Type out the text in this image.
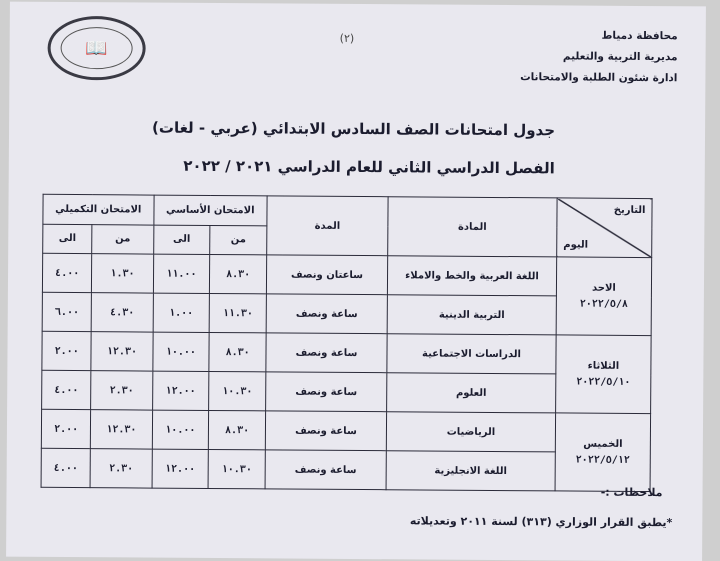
📖	(٢)	محافظة دمياط
مديرية التربية والتعليم
ادارة شئون الطلبة والامتحانات
جدول امتحانات الصف السادس الابتدائي (عربي - لغات)
الفصل الدراسي الثاني للعام الدراسي ٢٠٢١ / ٢٠٢٢
التاريخ
اليوم	المادة	المدة	الامتحان الأساسي		الامتحان التكميلي	
			من	الى	من	الى

الاحد
٢٠٢٢/٥/٨	اللغة العربية والخط والاملاء	ساعتان ونصف	٨.٣٠	١١.٠٠	١.٣٠	٤.٠٠
	التربية الدينية	ساعة ونصف	١١.٣٠	١.٠٠	٤.٣٠	٦.٠٠

الثلاثاء
٢٠٢٢/٥/١٠	الدراسات الاجتماعية	ساعة ونصف	٨.٣٠	١٠.٠٠	١٢.٣٠	٢.٠٠
	العلوم	ساعة ونصف	١٠.٣٠	١٢.٠٠	٢.٣٠	٤.٠٠

الخميس
٢٠٢٢/٥/١٢	الرياضيات	ساعة ونصف	٨.٣٠	١٠.٠٠	١٢.٣٠	٢.٠٠
	اللغة الانجليزية	ساعة ونصف	١٠.٣٠	١٢.٠٠	٢.٣٠	٤.٠٠
ملاحظات :-
*يطبق القرار الوزاري (٣١٣) لسنة ٢٠١١ وتعديلاته
